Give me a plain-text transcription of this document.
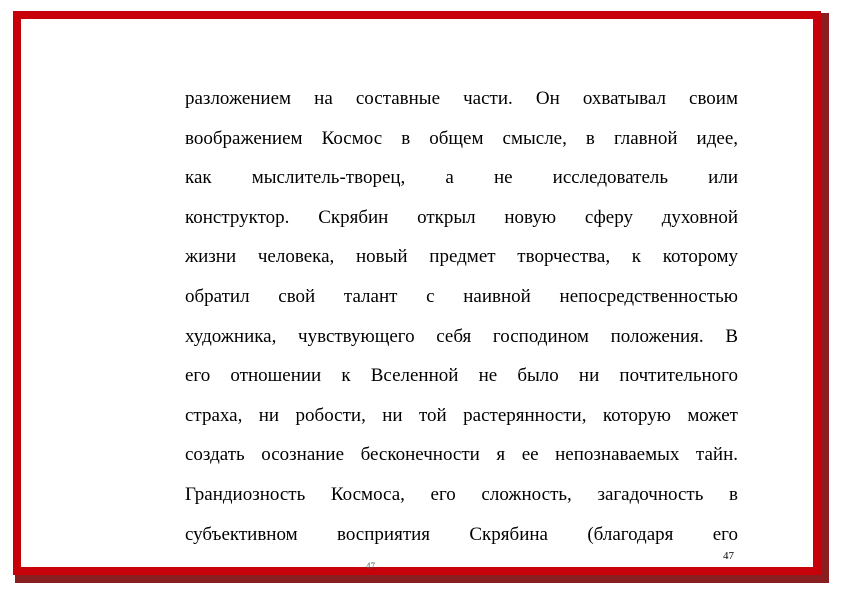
разложением на составные части. Он охватывал своим
воображением Космос в общем смысле, в главной идее,
как мыслитель-творец, а не исследователь или
конструктор. Скрябин открыл новую сферу духовной
жизни человека, новый предмет творчества, к которому
обратил свой талант с наивной непосредственностью
художника, чувствующего себя господином положения. В
его отношении к Вселенной не было ни почтительного
страха, ни робости, ни той растерянности, которую может
создать осознание бесконечности я ее непознаваемых тайн.
Грандиозность Космоса, его сложность, загадочность в
субъективном восприятия Скрябина (благодаря его
47
47
